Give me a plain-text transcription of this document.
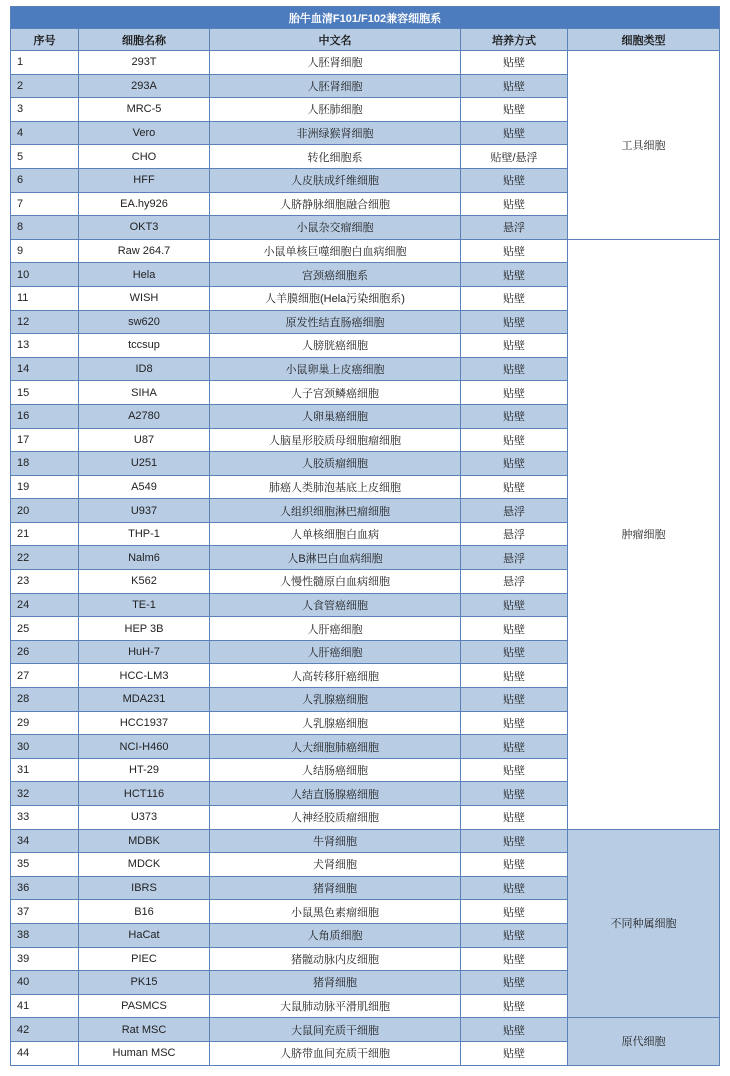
胎牛血清F101/F102兼容细胞系				
序号	细胞名称	中文名	培养方式	细胞类型
1	293T	人胚肾细胞	贴壁	工具细胞
2	293A	人胚肾细胞	贴壁	
3	MRC-5	人胚肺细胞	贴壁	
4	Vero	非洲绿猴肾细胞	贴壁	
5	CHO	转化细胞系	贴壁/悬浮	
6	HFF	人皮肤成纤维细胞	贴壁	
7	EA.hy926	人脐静脉细胞融合细胞	贴壁	
8	OKT3	小鼠杂交瘤细胞	悬浮	
9	Raw 264.7	小鼠单核巨噬细胞白血病细胞	贴壁	肿瘤细胞
10	Hela	宫颈癌细胞系	贴壁	
11	WISH	人羊膜细胞(Hela污染细胞系)	贴壁	
12	sw620	原发性结直肠癌细胞	贴壁	
13	tccsup	人膀胱癌细胞	贴壁	
14	ID8	小鼠卵巢上皮癌细胞	贴壁	
15	SIHA	人子宫颈鳞癌细胞	贴壁	
16	A2780	人卵巢癌细胞	贴壁	
17	U87	人脑星形胶质母细胞瘤细胞	贴壁	
18	U251	人胶质瘤细胞	贴壁	
19	A549	肺癌人类肺泡基底上皮细胞	贴壁	
20	U937	人组织细胞淋巴瘤细胞	悬浮	
21	THP-1	人单核细胞白血病	悬浮	
22	Nalm6	人B淋巴白血病细胞	悬浮	
23	K562	人慢性髓原白血病细胞	悬浮	
24	TE-1	人食管癌细胞	贴壁	
25	HEP 3B	人肝癌细胞	贴壁	
26	HuH-7	人肝癌细胞	贴壁	
27	HCC-LM3	人高转移肝癌细胞	贴壁	
28	MDA231	人乳腺癌细胞	贴壁	
29	HCC1937	人乳腺癌细胞	贴壁	
30	NCI-H460	人大细胞肺癌细胞	贴壁	
31	HT-29	人结肠癌细胞	贴壁	
32	HCT116	人结直肠腺癌细胞	贴壁	
33	U373	人神经胶质瘤细胞	贴壁	
34	MDBK	牛肾细胞	贴壁	不同种属细胞
35	MDCK	犬肾细胞	贴壁	
36	IBRS	猪肾细胞	贴壁	
37	B16	小鼠黑色素瘤细胞	贴壁	
38	HaCat	人角质细胞	贴壁	
39	PIEC	猪髋动脉内皮细胞	贴壁	
40	PK15	猪肾细胞	贴壁	
41	PASMCS	大鼠肺动脉平滑肌细胞	贴壁	
42	Rat MSC	大鼠间充质干细胞	贴壁	原代细胞
44	Human MSC	人脐带血间充质干细胞	贴壁	
